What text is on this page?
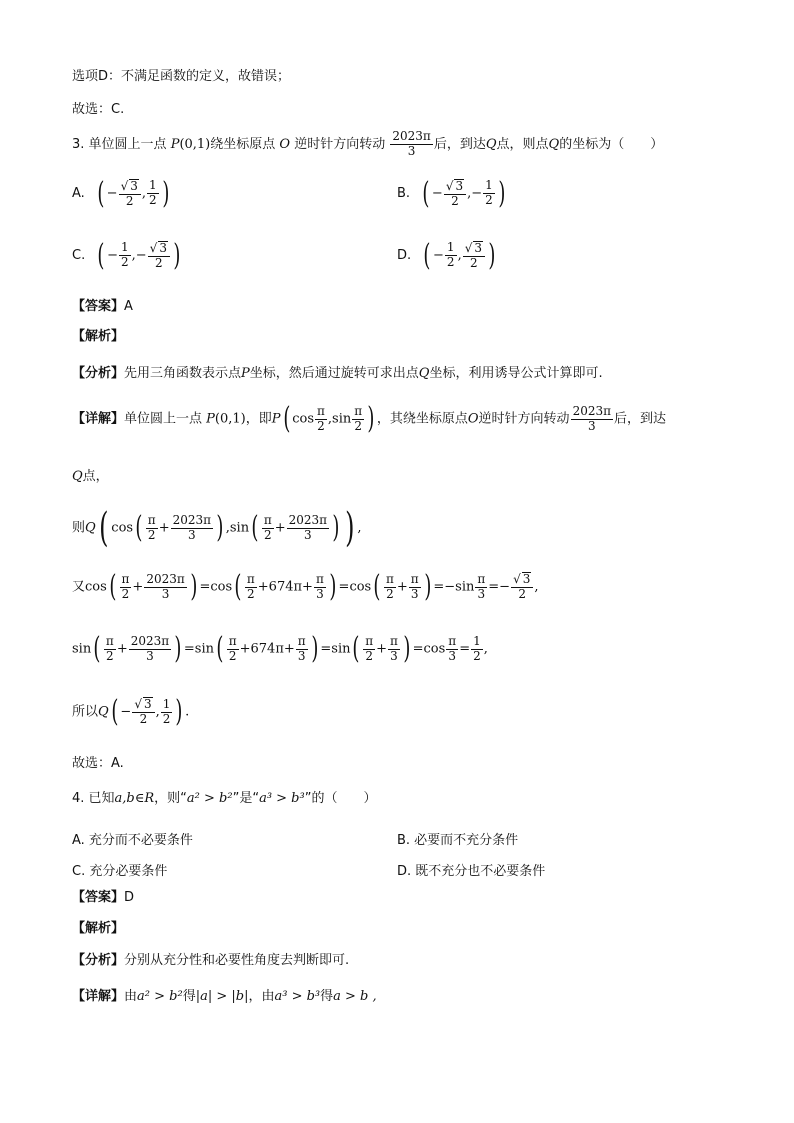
选项D：不满足函数的定义，故错误；
故选：C.
3. 单位圆上一点 P(0,1)绕坐标原点 O 逆时针方向转动 $\frac{2023\pi}{3}$ 后，到达Q点，则点Q的坐标为（　　）
A. ( − $\frac{√ 3}{2}$ , $\frac{1}{2}$ )	B. ( − $\frac{√ 3}{2}$ ,− $\frac{1}{2}$ )
C. ( − $\frac{1}{2}$ ,− $\frac{√ 3}{2}$ )	D. ( − $\frac{1}{2}$ , $\frac{√ 3}{2}$ )
【答案】A
【解析】
【分析】先用三角函数表示点P坐标，然后通过旋转可求出点Q坐标，利用诱导公式计算即可.
【详解】单位圆上一点 P(0,1)，即P( $\cos \frac{\pi}{2} ,\sin \frac{\pi}{2}$ ) ，其绕坐标原点O逆时针方向转动 $\frac{2023\pi}{3}$ 后，到达
Q点，
则Q( $\cos( \frac{\pi}{2} + \frac{2023\pi}{3}$ ) $,\sin( \frac{\pi}{2} + \frac{2023\pi}{3}$ ) ) ,
又$\cos( \frac{\pi}{2} + \frac{2023\pi}{3}$ ) $=\cos( \frac{\pi}{2} +674\pi+ \frac{\pi}{3}$ ) $=\cos( \frac{\pi}{2} + \frac{\pi}{3}$ ) $=-\sin \frac{\pi}{3} =- \frac{√ 3}{2}$ ,
$\sin( \frac{\pi}{2} + \frac{2023\pi}{3}$ ) $=\sin( \frac{\pi}{2} +674\pi+ \frac{\pi}{3}$ ) $=\sin( \frac{\pi}{2} + \frac{\pi}{3}$ ) $=\cos \frac{\pi}{3} = \frac{1}{2}$ ,
所以$Q( - \frac{√ 3}{2}$ , $\frac{1}{2}$ ) .
故选：A.
4. 已知a,b∈R，则“a² > b²”是“a³ > b³”的（　　）
A. 充分而不必要条件	B. 必要而不充分条件
C. 充分必要条件	D. 既不充分也不必要条件
【答案】D
【解析】
【分析】分别从充分性和必要性角度去判断即可.
【详解】由a² > b²得|a| > |b|，由a³ > b³得a > b ,
